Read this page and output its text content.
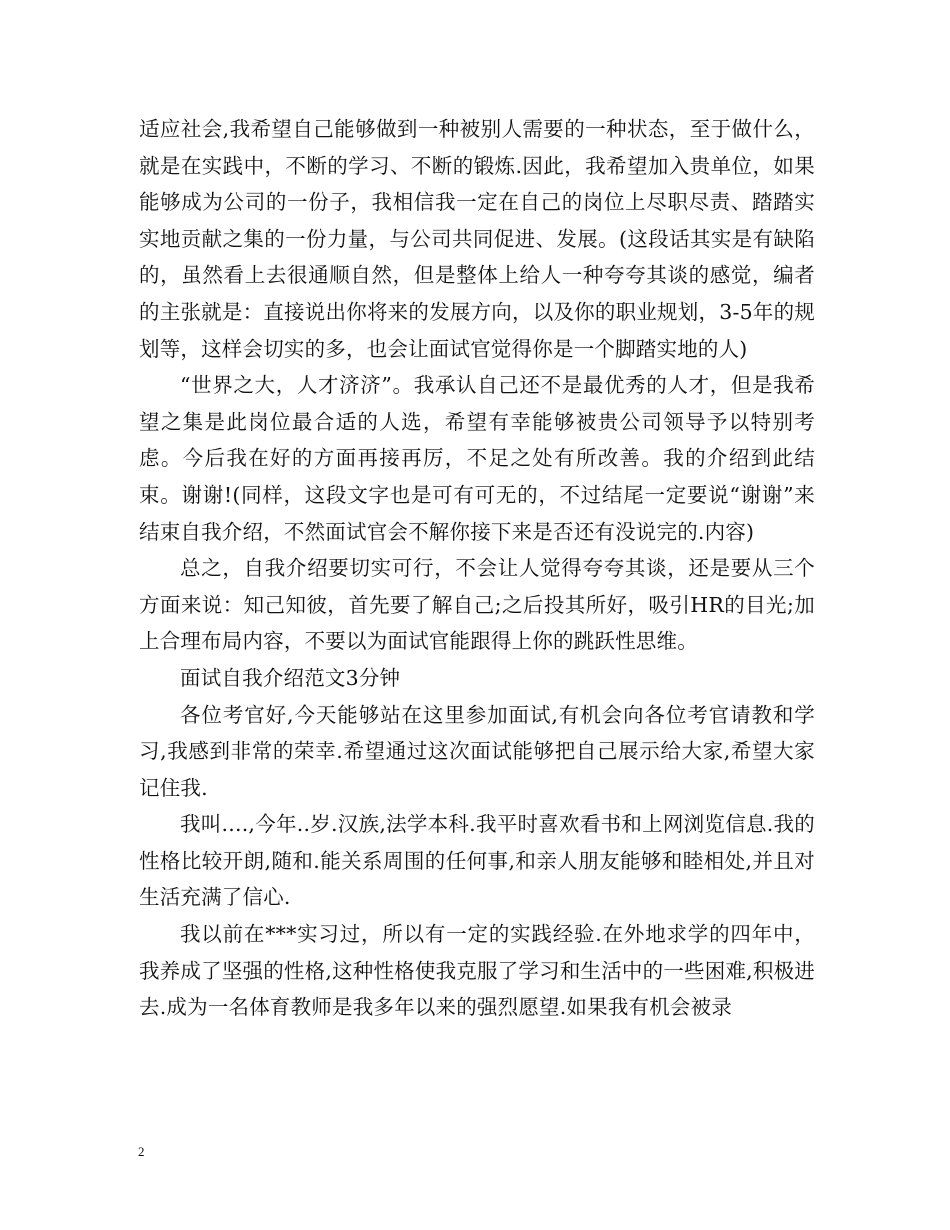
适应社会,我希望自己能够做到一种被别人需要的一种状态，至于做什么，就是在实践中，不断的学习、不断的锻炼.因此，我希望加入贵单位，如果能够成为公司的一份子，我相信我一定在自己的岗位上尽职尽责、踏踏实实地贡献之集的一份力量，与公司共同促进、发展。(这段话其实是有缺陷的，虽然看上去很通顺自然，但是整体上给人一种夸夸其谈的感觉，编者的主张就是：直接说出你将来的发展方向，以及你的职业规划，3-5年的规划等，这样会切实的多，也会让面试官觉得你是一个脚踏实地的人)

“世界之大，人才济济”。我承认自己还不是最优秀的人才，但是我希望之集是此岗位最合适的人选，希望有幸能够被贵公司领导予以特别考虑。今后我在好的方面再接再厉，不足之处有所改善。我的介绍到此结束。谢谢!(同样，这段文字也是可有可无的，不过结尾一定要说“谢谢”来结束自我介绍，不然面试官会不解你接下来是否还有没说完的.内容)

总之，自我介绍要切实可行，不会让人觉得夸夸其谈，还是要从三个方面来说：知己知彼，首先要了解自己;之后投其所好，吸引HR的目光;加上合理布局内容，不要以为面试官能跟得上你的跳跃性思维。

面试自我介绍范文3分钟

各位考官好,今天能够站在这里参加面试,有机会向各位考官请教和学习,我感到非常的荣幸.希望通过这次面试能够把自己展示给大家,希望大家记住我.

我叫....,今年..岁.汉族,法学本科.我平时喜欢看书和上网浏览信息.我的性格比较开朗,随和.能关系周围的任何事,和亲人朋友能够和睦相处,并且对生活充满了信心.

我以前在***实习过，所以有一定的实践经验.在外地求学的四年中，我养成了坚强的性格,这种性格使我克服了学习和生活中的一些困难,积极进去.成为一名体育教师是我多年以来的强烈愿望.如果我有机会被录

2
